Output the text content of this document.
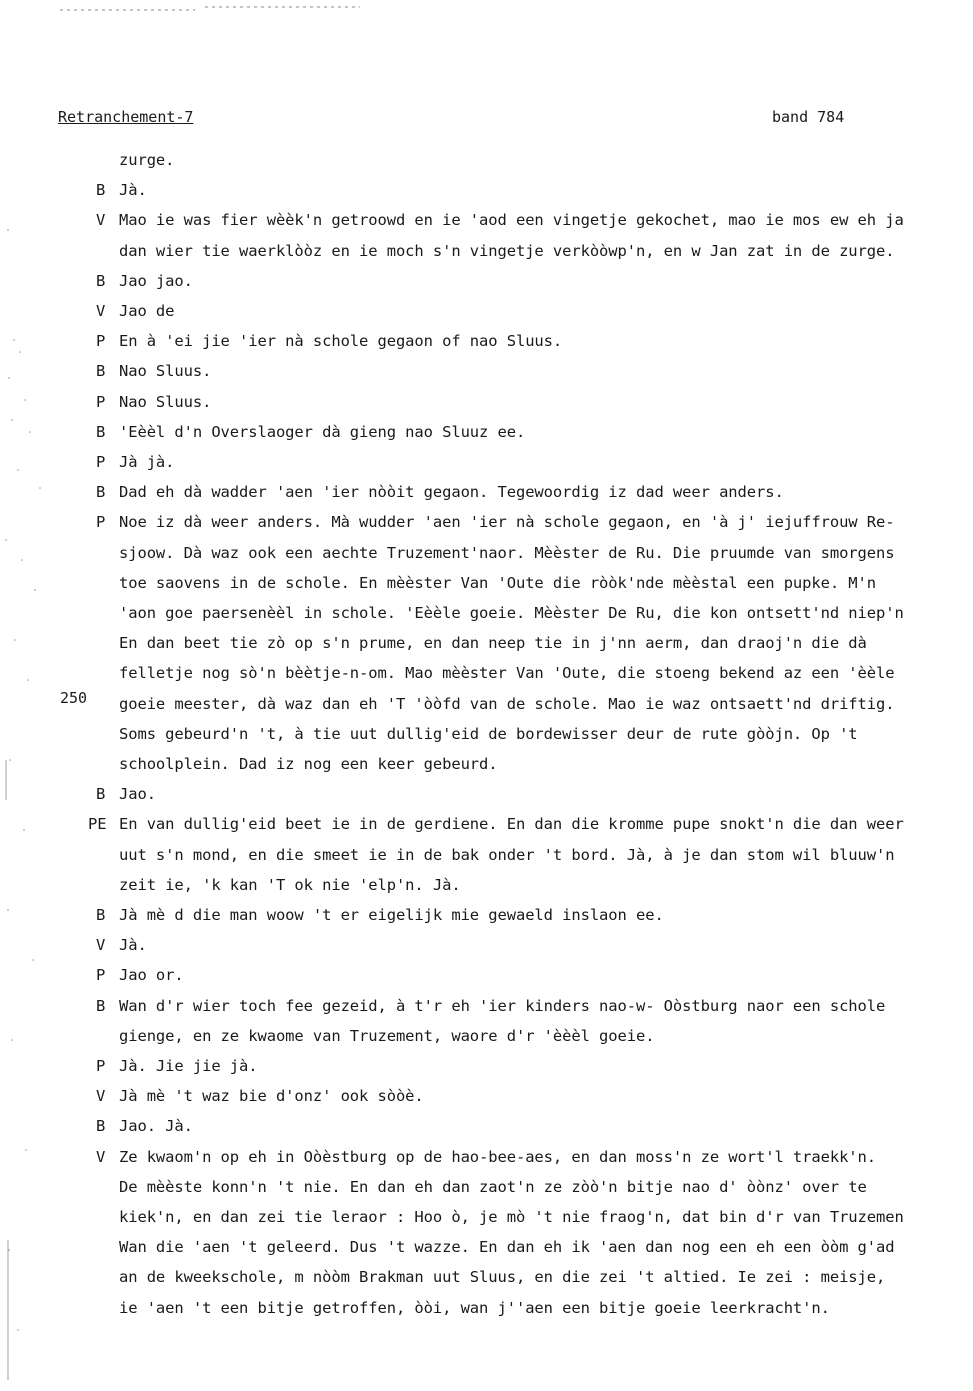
Retranchement-7	band 784
250
zurge.
B Jà.
V Mao ie was fier wèèk'n getroowd en ie 'aod een vingetje gekochet, mao ie mos ew eh ja
dan wier tie waerklòòz en ie moch s'n vingetje verkòòwp'n, en w Jan zat in de zurge.
B Jao jao.
V Jao de
P En à 'ei jie 'ier nà schole gegaon of nao Sluus.
B Nao Sluus.
P Nao Sluus.
B 'Eèèl d'n Overslaoger dà gieng nao Sluuz ee.
P Jà jà.
B Dad eh dà wadder 'aen 'ier nòòit gegaon. Tegewoordig iz dad weer anders.
P Noe iz dà weer anders. Mà wudder 'aen 'ier nà schole gegaon, en 'à j' iejuffrouw Re-
sjoow. Dà waz ook een aechte Truzement'naor. Mèèster de Ru. Die pruumde van smorgens
toe saovens in de schole. En mèèster Van 'Oute die ròòk'nde mèèstal een pupke. M'n
'aon goe paersenèèl in schole. 'Eèèle goeie. Mèèster De Ru, die kon ontsett'nd niep'n
En dan beet tie zò op s'n prume, en dan neep tie in j'nn aerm, dan draoj'n die dà
felletje nog sò'n bèètje-n-om. Mao mèèster Van 'Oute, die stoeng bekend az een 'èèle
goeie meester, dà waz dan eh 'T 'òòfd van de schole. Mao ie waz ontsaett'nd driftig.
Soms gebeurd'n 't, à tie uut dullig'eid de bordewisser deur de rute gòòjn. Op 't
schoolplein. Dad iz nog een keer gebeurd.
B Jao.
PE En van dullig'eid beet ie in de gerdiene. En dan die kromme pupe snokt'n die dan weer
uut s'n mond, en die smeet ie in de bak onder 't bord. Jà, à je dan stom wil bluuw'n
zeit ie, 'k kan 'T ok nie 'elp'n. Jà.
B Jà mè d die man woow 't er eigelijk mie gewaeld inslaon ee.
V Jà.
P Jao or.
B Wan d'r wier toch fee gezeid, à t'r eh 'ier kinders nao-w- Oòstburg naor een schole
gienge, en ze kwaome van Truzement, waore d'r 'èèèl goeie.
P Jà. Jie jie jà.
V Jà mè 't waz bie d'onz' ook sòòè.
B Jao. Jà.
V Ze kwaom'n op eh in Oòèstburg op de hao-bee-aes, en dan moss'n ze wort'l traekk'n.
De mèèste konn'n 't nie. En dan eh dan zaot'n ze zòò'n bitje nao d' òònz' over te
kiek'n, en dan zei tie leraor : Hoo ò, je mò 't nie fraog'n, dat bin d'r van Truzemen
Wan die 'aen 't geleerd. Dus 't wazze. En dan eh ik 'aen dan nog een eh een òòm g'ad
an de kweekschole, m nòòm Brakman uut Sluus, en die zei 't altied. Ie zei : meisje,
ie 'aen 't een bitje getroffen, òòi, wan j''aen een bitje goeie leerkracht'n.
